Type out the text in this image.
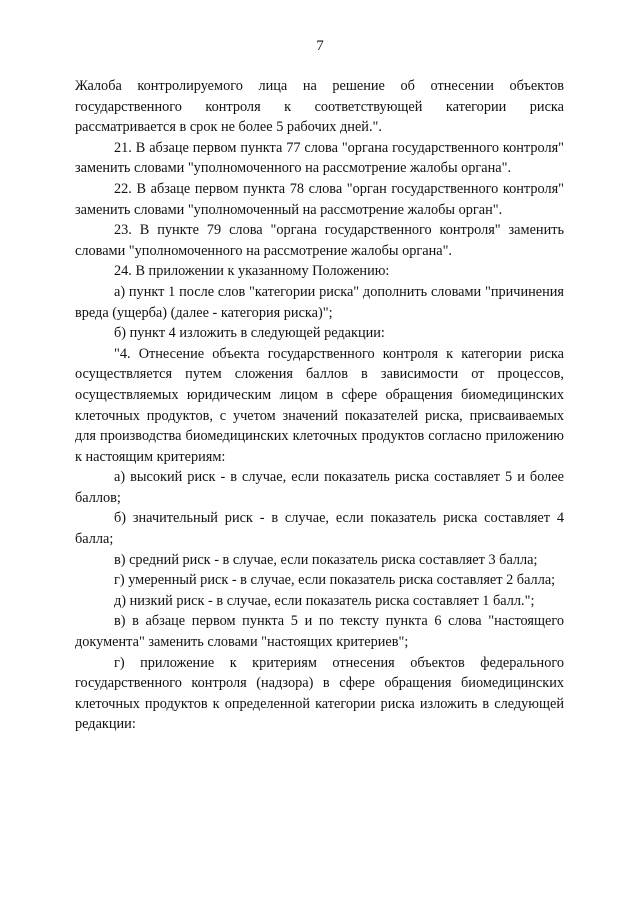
7

Жалоба контролируемого лица на решение об отнесении объектов государственного контроля к соответствующей категории риска рассматривается в срок не более 5 рабочих дней.".

21. В абзаце первом пункта 77 слова "органа государственного контроля" заменить словами "уполномоченного на рассмотрение жалобы органа".

22. В абзаце первом пункта 78 слова "орган государственного контроля" заменить словами "уполномоченный на рассмотрение жалобы орган".

23. В пункте 79 слова "органа государственного контроля" заменить словами "уполномоченного на рассмотрение жалобы органа".

24. В приложении к указанному Положению:

а) пункт 1 после слов "категории риска" дополнить словами "причинения вреда (ущерба) (далее - категория риска)";

б) пункт 4 изложить в следующей редакции:

"4. Отнесение объекта государственного контроля к категории риска осуществляется путем сложения баллов в зависимости от процессов, осуществляемых юридическим лицом в сфере обращения биомедицинских клеточных продуктов, с учетом значений показателей риска, присваиваемых для производства биомедицинских клеточных продуктов согласно приложению к настоящим критериям:

а) высокий риск - в случае, если показатель риска составляет 5 и более баллов;

б) значительный риск - в случае, если показатель риска составляет 4 балла;

в) средний риск - в случае, если показатель риска составляет 3 балла;

г) умеренный риск - в случае, если показатель риска составляет 2 балла;

д) низкий риск - в случае, если показатель риска составляет 1 балл.";

в) в абзаце первом пункта 5 и по тексту пункта 6 слова "настоящего документа" заменить словами "настоящих критериев";

г) приложение к критериям отнесения объектов федерального государственного контроля (надзора) в сфере обращения биомедицинских клеточных продуктов к определенной категории риска изложить в следующей редакции:
